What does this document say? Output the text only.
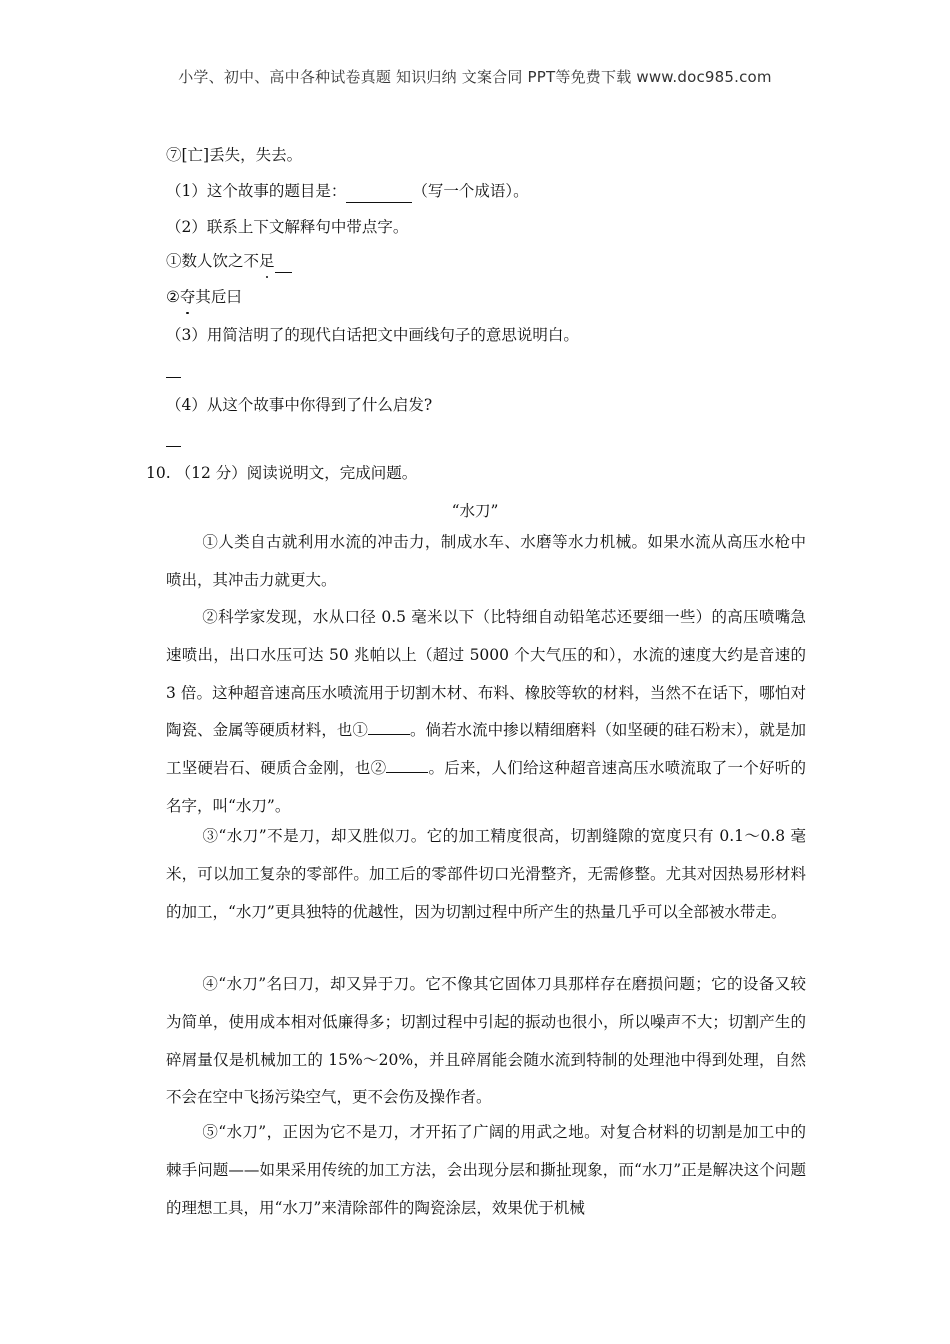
小学、初中、高中各种试卷真题 知识归纳 文案合同 PPT等免费下载 www.doc985.com
⑦[亡]丢失，失去。
（1）这个故事的题目是：	（写一个成语）。
（2）联系上下文解释句中带点字。
①数人饮之不足
②夺其卮曰
（3）用简洁明了的现代白话把文中画线句子的意思说明白。
（4）从这个故事中你得到了什么启发?
10. （12 分）阅读说明文，完成问题。
“水刀”
①人类自古就利用水流的冲击力，制成水车、水磨等水力机械。如果水流从高压水枪中喷出，其冲击力就更大。
②科学家发现，水从口径 0.5 毫米以下（比特细自动铅笔芯还要细一些）的高压喷嘴急速喷出，出口水压可达 50 兆帕以上（超过 5000 个大气压的和），水流的速度大约是音速的 3 倍。这种超音速高压水喷流用于切割木材、布料、橡胶等软的材料，当然不在话下，哪怕对陶瓷、金属等硬质材料，也①	。倘若水流中掺以精细磨料（如坚硬的硅石粉末），就是加工坚硬岩石、硬质合金刚，也②	。后来，人们给这种超音速高压水喷流取了一个好听的名字，叫“水刀”。
③“水刀”不是刀，却又胜似刀。它的加工精度很高，切割缝隙的宽度只有 0.1～0.8 毫米，可以加工复杂的零部件。加工后的零部件切口光滑整齐，无需修整。尤其对因热易形材料的加工，“水刀”更具独特的优越性，因为切割过程中所产生的热量几乎可以全部被水带走。
④“水刀”名曰刀，却又异于刀。它不像其它固体刀具那样存在磨损问题；它的设备又较为简单，使用成本相对低廉得多；切割过程中引起的振动也很小，所以噪声不大；切割产生的碎屑量仅是机械加工的 15%～20%，并且碎屑能会随水流到特制的处理池中得到处理，自然不会在空中飞扬污染空气，更不会伤及操作者。
⑤“水刀”，正因为它不是刀，才开拓了广阔的用武之地。对复合材料的切割是加工中的棘手问题——如果采用传统的加工方法，会出现分层和撕扯现象，而“水刀”正是解决这个问题的理想工具，用“水刀”来清除部件的陶瓷涂层，效果优于机械
